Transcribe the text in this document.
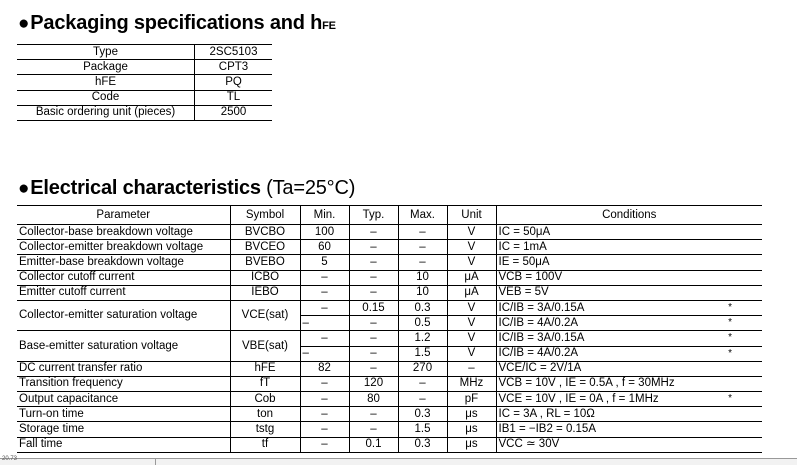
●Packaging specifications and hFE
Type	2SC5103
Package	CPT3
hFE	PQ
Code	TL
Basic ordering unit (pieces)	2500
●Electrical characteristics (Ta=25°C)
Parameter	Symbol	Min.	Typ.	Max.	Unit	Conditions
Collector-base breakdown voltage	BVCBO	100	–	–	V	IC = 50μA
Collector-emitter breakdown voltage	BVCEO	60	–	–	V	IC = 1mA
Emitter-base breakdown voltage	BVEBO	5	–	–	V	IE = 50μA
Collector cutoff current	ICBO	–	–	10	μA	VCB = 100V
Emitter cutoff current	IEBO	–	–	10	μA	VEB = 5V
Collector-emitter saturation voltage	VCE(sat)	–	0.15	0.3	V	IC/IB = 3A/0.15A *

		–	–	0.5	V	IC/IB = 4A/0.2A *

Base-emitter saturation voltage	VBE(sat)	–	–	1.2	V	IC/IB = 3A/0.15A *

		–	–	1.5	V	IC/IB = 4A/0.2A *

DC current transfer ratio	hFE	82	–	270	–	VCE/IC = 2V/1A
Transition frequency	fT	–	120	–	MHz	VCB = 10V , IE = 0.5A , f = 30MHz
Output capacitance	Cob	–	80	–	pF	VCE = 10V , IE = 0A , f = 1MHz *

Turn-on time	ton	–	–	0.3	μs	IC = 3A , RL = 10Ω
Storage time	tstg	–	–	1.5	μs	IB1 = −IB2 = 0.15A
Fall time	tf	–	0.1	0.3	μs	VCC ≃ 30V
20.73
